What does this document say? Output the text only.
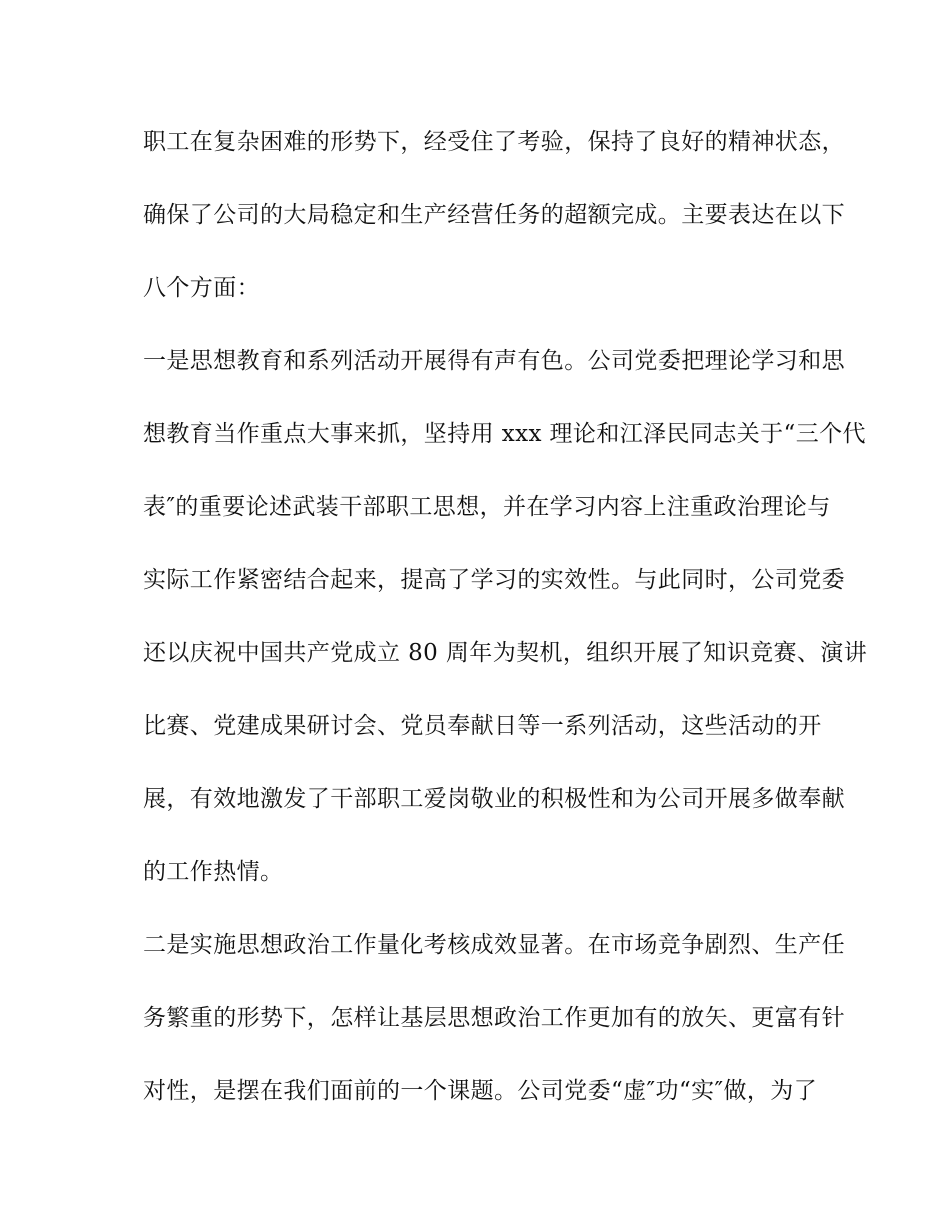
职工在复杂困难的形势下，经受住了考验，保持了良好的精神状态，
确保了公司的大局稳定和生产经营任务的超额完成。主要表达在以下
八个方面：
一是思想教育和系列活动开展得有声有色。公司党委把理论学习和思
想教育当作重点大事来抓，坚持用 xxx 理论和江泽民同志关于“三个代
表″的重要论述武装干部职工思想，并在学习内容上注重政治理论与
实际工作紧密结合起来，提高了学习的实效性。与此同时，公司党委
还以庆祝中国共产党成立 80 周年为契机，组织开展了知识竞赛、演讲
比赛、党建成果研讨会、党员奉献日等一系列活动，这些活动的开
展，有效地激发了干部职工爱岗敬业的积极性和为公司开展多做奉献
的工作热情。
二是实施思想政治工作量化考核成效显著。在市场竞争剧烈、生产任
务繁重的形势下，怎样让基层思想政治工作更加有的放矢、更富有针
对性，是摆在我们面前的一个课题。公司党委“虚″功“实″做，为了
